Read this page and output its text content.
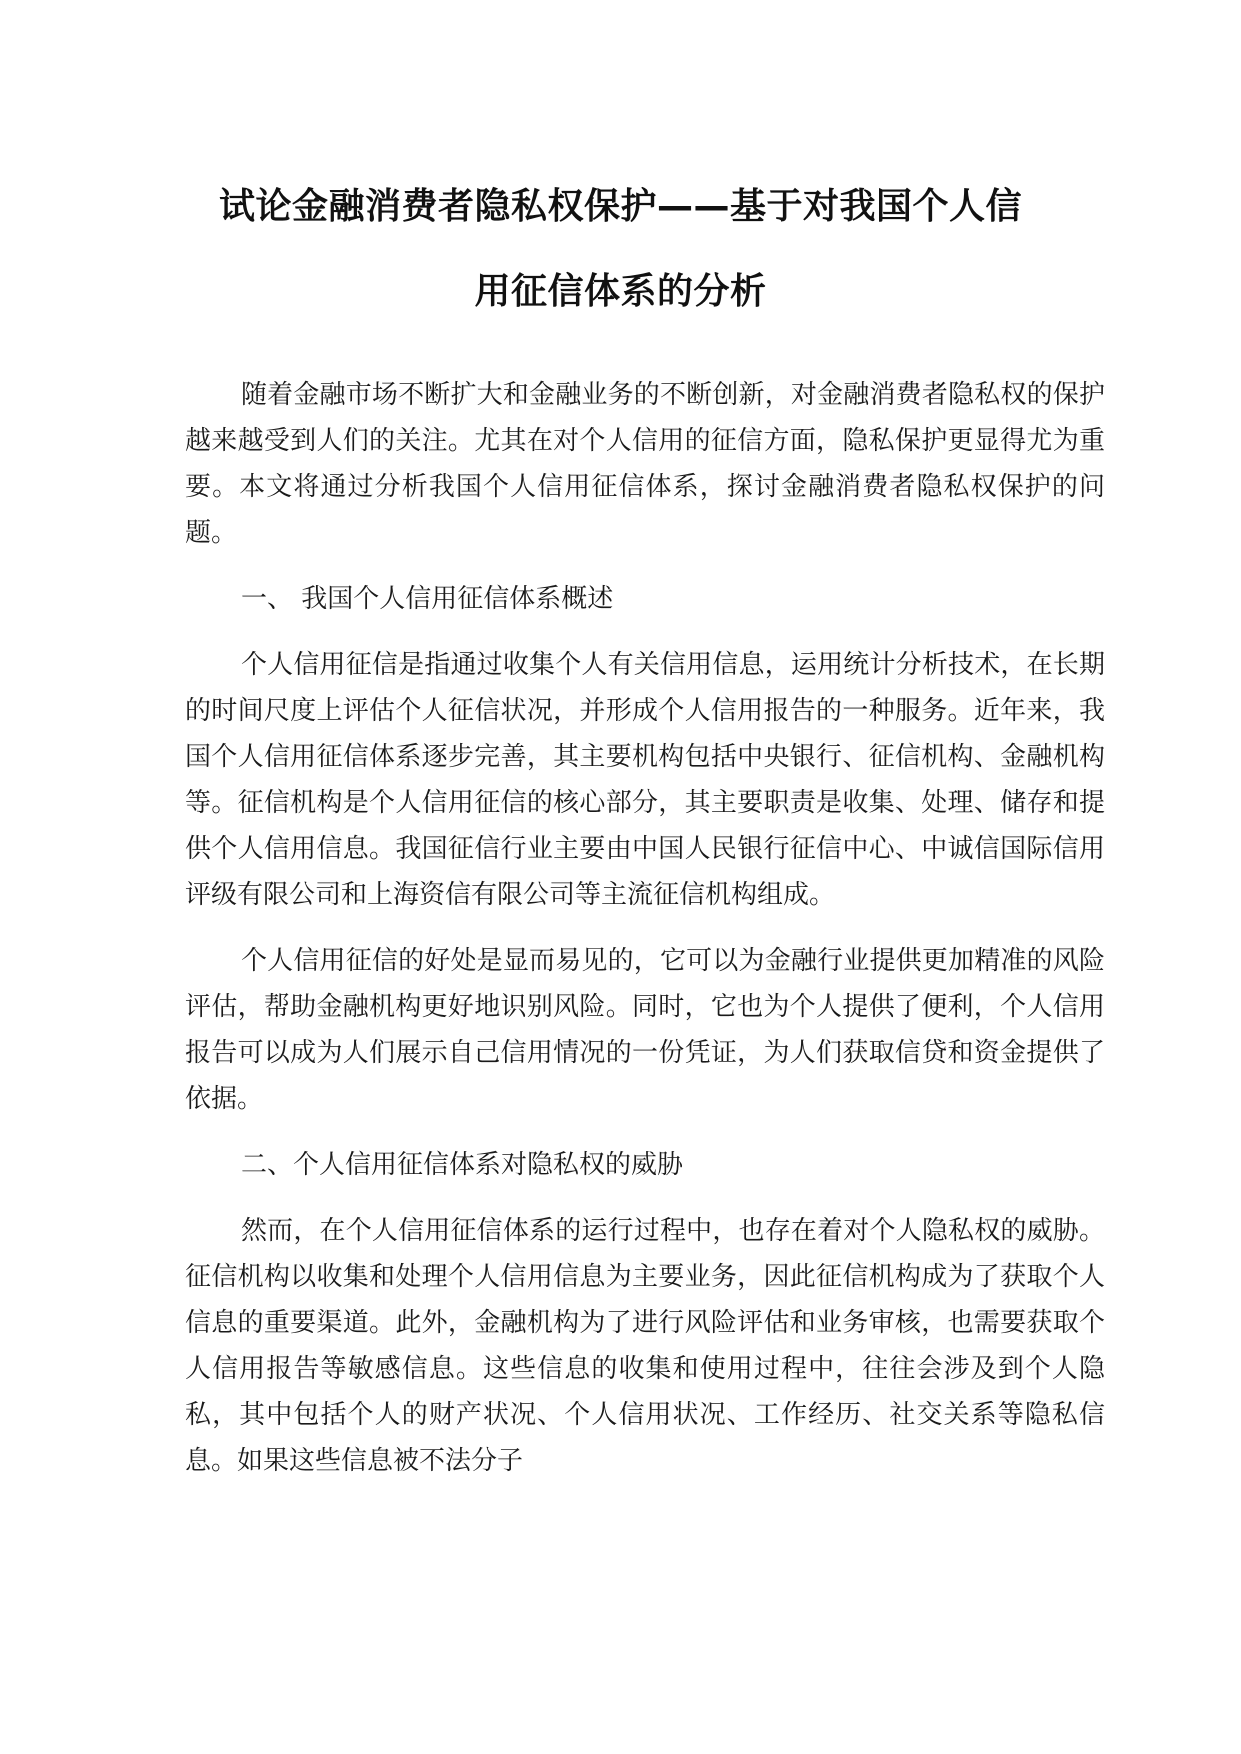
试论金融消费者隐私权保护——基于对我国个人信
用征信体系的分析

随着金融市场不断扩大和金融业务的不断创新，对金融消费者隐私权的保护越来越受到人们的关注。尤其在对个人信用的征信方面，隐私保护更显得尤为重要。本文将通过分析我国个人信用征信体系，探讨金融消费者隐私权保护的问题。

一、 我国个人信用征信体系概述

个人信用征信是指通过收集个人有关信用信息，运用统计分析技术，在长期的时间尺度上评估个人征信状况，并形成个人信用报告的一种服务。近年来，我国个人信用征信体系逐步完善，其主要机构包括中央银行、征信机构、金融机构等。征信机构是个人信用征信的核心部分，其主要职责是收集、处理、储存和提供个人信用信息。我国征信行业主要由中国人民银行征信中心、中诚信国际信用评级有限公司和上海资信有限公司等主流征信机构组成。

个人信用征信的好处是显而易见的，它可以为金融行业提供更加精准的风险评估，帮助金融机构更好地识别风险。同时，它也为个人提供了便利，个人信用报告可以成为人们展示自己信用情况的一份凭证，为人们获取信贷和资金提供了依据。

二、个人信用征信体系对隐私权的威胁

然而，在个人信用征信体系的运行过程中，也存在着对个人隐私权的威胁。征信机构以收集和处理个人信用信息为主要业务，因此征信机构成为了获取个人信息的重要渠道。此外，金融机构为了进行风险评估和业务审核，也需要获取个人信用报告等敏感信息。这些信息的收集和使用过程中，往往会涉及到个人隐私，其中包括个人的财产状况、个人信用状况、工作经历、社交关系等隐私信息。如果这些信息被不法分子
